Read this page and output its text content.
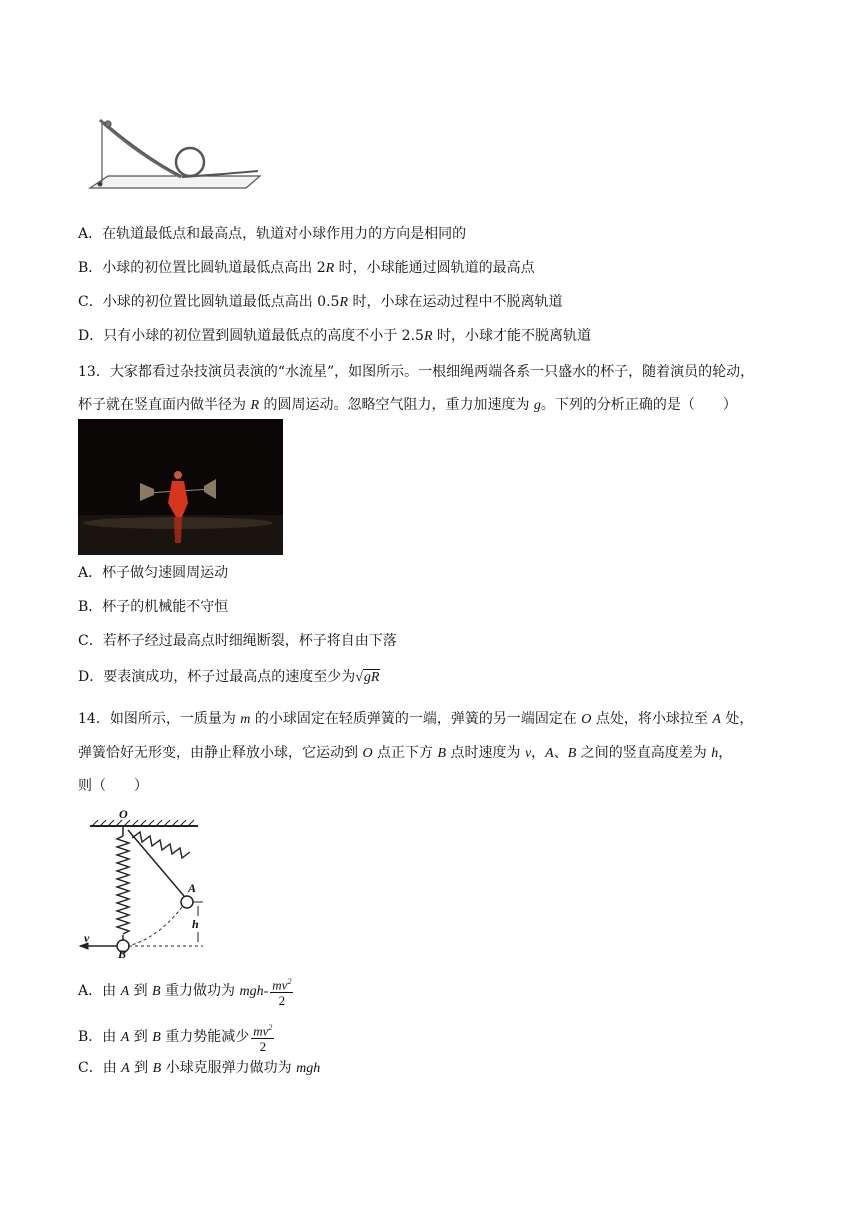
A．在轨道最低点和最高点，轨道对小球作用力的方向是相同的
B．小球的初位置比圆轨道最低点高出 2R 时，小球能通过圆轨道的最高点
C．小球的初位置比圆轨道最低点高出 0.5R 时，小球在运动过程中不脱离轨道
D．只有小球的初位置到圆轨道最低点的高度不小于 2.5R 时，小球才能不脱离轨道
13．大家都看过杂技演员表演的“水流星”，如图所示。一根细绳两端各系一只盛水的杯子，随着演员的轮动，
杯子就在竖直面内做半径为 R 的圆周运动。忽略空气阻力，重力加速度为 g。下列的分析正确的是（　　）
A．杯子做匀速圆周运动
B．杯子的机械能不守恒
C．若杯子经过最高点时细绳断裂，杯子将自由下落
D．要表演成功，杯子过最高点的速度至少为√gR
14．如图所示，一质量为 m 的小球固定在轻质弹簧的一端，弹簧的另一端固定在 O 点处，将小球拉至 A 处，
弹簧恰好无形变，由静止释放小球，它运动到 O 点正下方 B 点时速度为 v，A、B 之间的竖直高度差为 h，
则（　　）
O
A
B
h
v
A．由 A 到 B 重力做功为 $mgh- \frac{mv^2}{2}$
B．由 A 到 B 重力势能减少 $\frac{mv^2}{2}$
C．由 A 到 B 小球克服弹力做功为 mgh
